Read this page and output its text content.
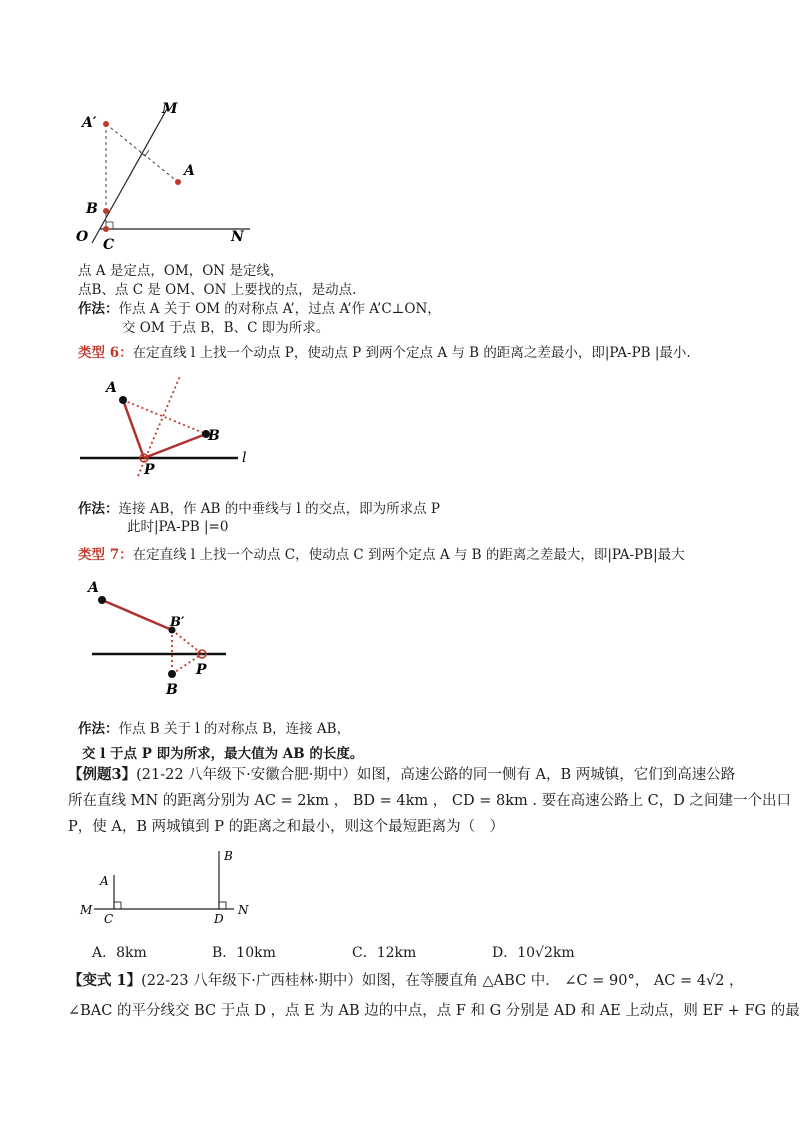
A′
M
A
B
O C	N
点 A 是定点，OM，ON 是定线，
点B、点 C 是 OM、ON 上要找的点，是动点.
作法：作点 A 关于 OM 的对称点 A’，过点 A’作 A’C⊥ON，
交 OM 于点 B，B、C 即为所求。
类型 6：在定直线 l 上找一个动点 P，使动点 P 到两个定点 A 与 B 的距离之差最小，即|PA-PB |最小.
A
B
P
l
作法：连接 AB，作 AB 的中垂线与 l 的交点，即为所求点 P
此时|PA-PB |=0
类型 7：在定直线 l 上找一个动点 C，使动点 C 到两个定点 A 与 B 的距离之差最大，即|PA-PB|最大
A
B′
P
B
作法：作点 B 关于 l 的对称点 B，连接 AB，
交 l 于点 P 即为所求，最大值为 AB 的长度。
【例题3】(21-22 八年级下·安徽合肥·期中）如图，高速公路的同一侧有 A，B 两城镇，它们到高速公路
所在直线 MN 的距离分别为 AC = 2km ， BD = 4km ， CD = 8km . 要在高速公路上 C，D 之间建一个出口
P，使 A，B 两城镇到 P 的距离之和最小，则这个最短距离为（　）
A
B
M
C	D
N
A．8km	B．10km	C．12km	D．10√2km
【变式 1】(22-23 八年级下·广西桂林·期中）如图，在等腰直角 △ABC 中． ∠C = 90°， AC = 4√2 ，
∠BAC 的平分线交 BC 于点 D ，点 E 为 AB 边的中点，点 F 和 G 分别是 AD 和 AE 上动点，则 EF + FG 的最
